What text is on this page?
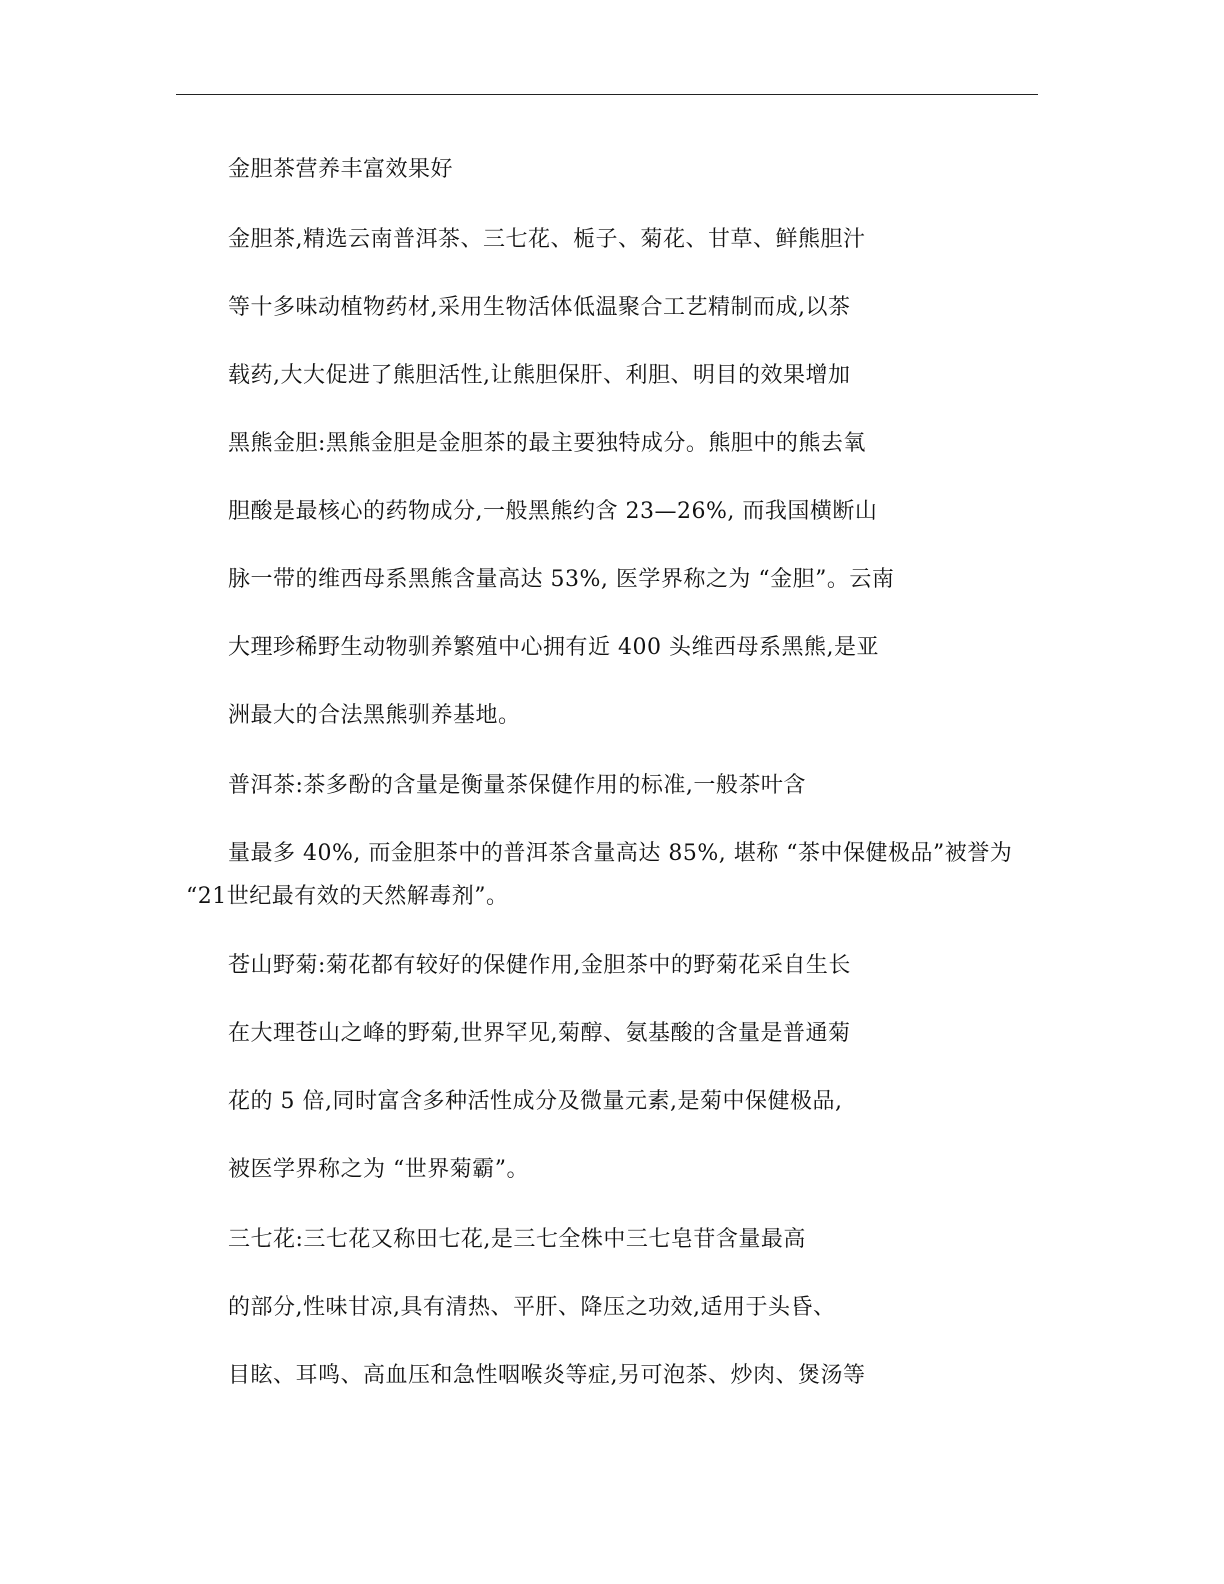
金胆茶营养丰富效果好
金胆茶,精选云南普洱茶、三七花、栀子、菊花、甘草、鲜熊胆汁
等十多味动植物药材,采用生物活体低温聚合工艺精制而成,以茶
载药,大大促进了熊胆活性,让熊胆保肝、利胆、明目的效果增加
黑熊金胆:黑熊金胆是金胆茶的最主要独特成分。熊胆中的熊去氧
胆酸是最核心的药物成分,一般黑熊约含 23—26%, 而我国横断山
脉一带的维西母系黑熊含量高达 53%, 医学界称之为 “金胆”。云南
大理珍稀野生动物驯养繁殖中心拥有近 400 头维西母系黑熊,是亚
洲最大的合法黑熊驯养基地。
普洱茶:茶多酚的含量是衡量茶保健作用的标准,一般茶叶含
量最多 40%, 而金胆茶中的普洱茶含量高达 85%, 堪称 “茶中保健极品”被誉为
“21世纪最有效的天然解毒剂”。
苍山野菊:菊花都有较好的保健作用,金胆茶中的野菊花采自生长
在大理苍山之峰的野菊,世界罕见,菊醇、氨基酸的含量是普通菊
花的 5 倍,同时富含多种活性成分及微量元素,是菊中保健极品,
被医学界称之为 “世界菊霸”。
三七花:三七花又称田七花,是三七全株中三七皂苷含量最高
的部分,性味甘凉,具有清热、平肝、降压之功效,适用于头昏、
目眩、耳鸣、高血压和急性咽喉炎等症,另可泡茶、炒肉、煲汤等
